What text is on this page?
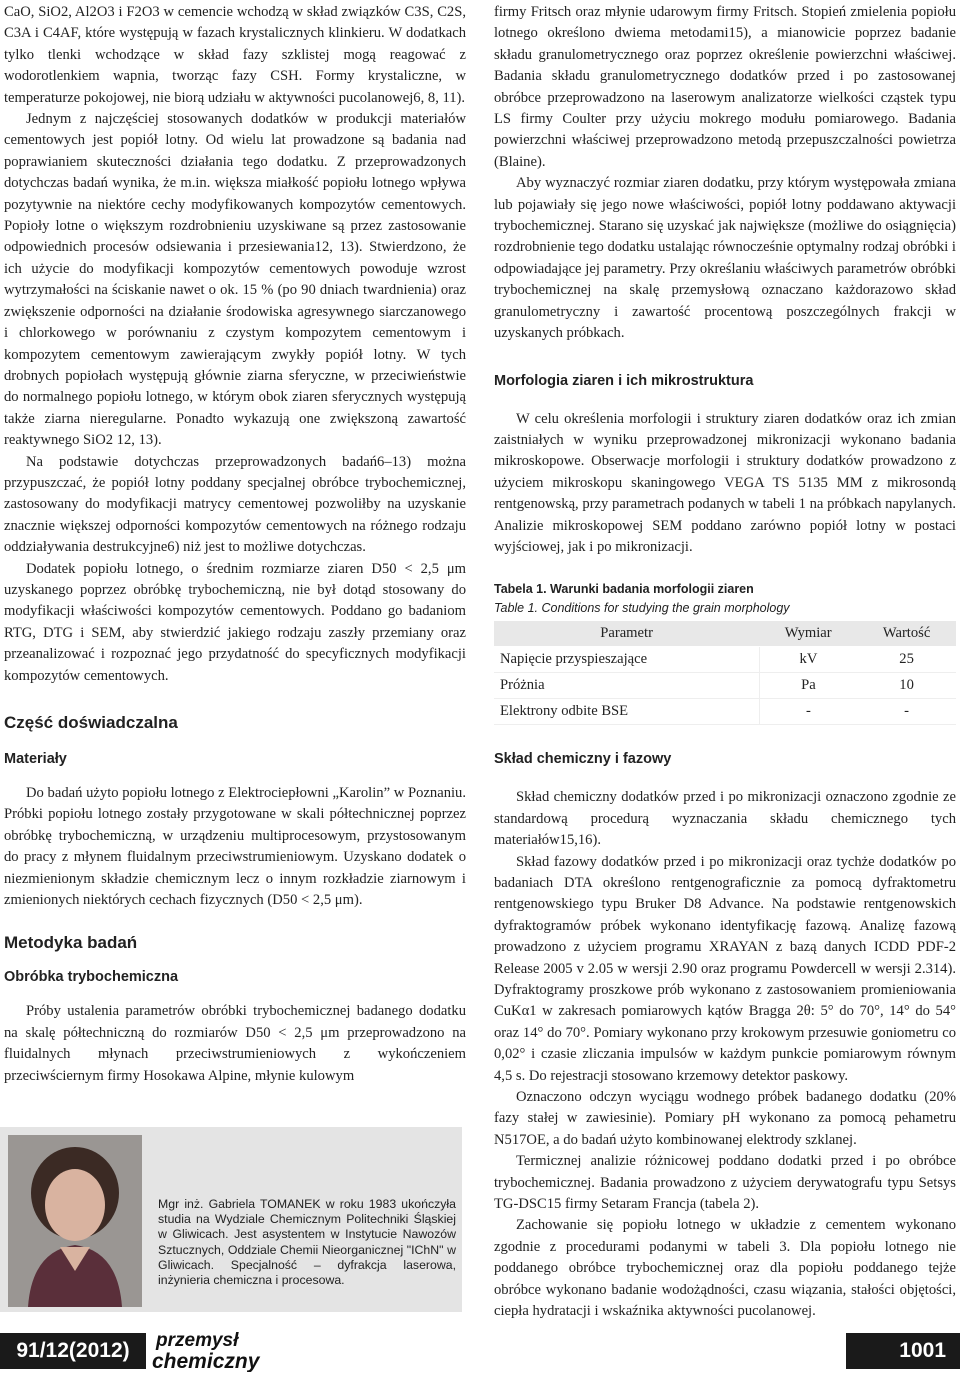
CaO, SiO2, Al2O3 i F2O3 w cemencie wchodzą w skład związków C3S, C2S, C3A i C4AF, które występują w fazach krystalicznych klinkieru. W dodatkach tylko tlenki wchodzące w skład fazy szklistej mogą reagować z wodorotlenkiem wapnia, tworząc fazy CSH. Formy krystaliczne, w temperaturze pokojowej, nie biorą udziału w aktywności pucolanowej6, 8, 11).

Jednym z najczęściej stosowanych dodatków w produkcji materiałów cementowych jest popiół lotny. Od wielu lat prowadzone są badania nad poprawianiem skuteczności działania tego dodatku. Z przeprowadzonych dotychczas badań wynika, że m.in. większa miałkość popiołu lotnego wpływa pozytywnie na niektóre cechy modyfikowanych kompozytów cementowych. Popioły lotne o większym rozdrobnieniu uzyskiwane są przez zastosowanie odpowiednich procesów odsiewania i przesiewania12, 13). Stwierdzono, że ich użycie do modyfikacji kompozytów cementowych powoduje wzrost wytrzymałości na ściskanie nawet o ok. 15 % (po 90 dniach twardnienia) oraz zwiększenie odporności na działanie środowiska agresywnego siarczanowego i chlorkowego w porównaniu z czystym kompozytem cementowym i kompozytem cementowym zawierającym zwykły popiół lotny. W tych drobnych popiołach występują głównie ziarna sferyczne, w przeciwieństwie do normalnego popiołu lotnego, w którym obok ziaren sferycznych występują także ziarna nieregularne. Ponadto wykazują one zwiększoną zawartość reaktywnego SiO2 12, 13).

Na podstawie dotychczas przeprowadzonych badań6–13) można przypuszczać, że popiół lotny poddany specjalnej obróbce trybochemicznej, zastosowany do modyfikacji matrycy cementowej pozwoliłby na uzyskanie znacznie większej odporności kompozytów cementowych na różnego rodzaju oddziaływania destrukcyjne6) niż jest to możliwe dotychczas.

Dodatek popiołu lotnego, o średnim rozmiarze ziaren D50 < 2,5 μm uzyskanego poprzez obróbkę trybochemiczną, nie był dotąd stosowany do modyfikacji właściwości kompozytów cementowych. Poddano go badaniom RTG, DTG i SEM, aby stwierdzić jakiego rodzaju zaszły przemiany oraz przeanalizować i rozpoznać jego przydatność do specyficznych modyfikacji kompozytów cementowych.

Część doświadczalna
Materiały

Do badań użyto popiołu lotnego z Elektrociepłowni „Karolin” w Poznaniu. Próbki popiołu lotnego zostały przygotowane w skali półtechnicznej poprzez obróbkę trybochemiczną, w urządzeniu multiprocesowym, przystosowanym do pracy z młynem fluidalnym przeciwstrumieniowym. Uzyskano dodatek o niezmienionym składzie chemicznym lecz o innym rozkładzie ziarnowym i zmienionych niektórych cechach fizycznych (D50 < 2,5 μm).

Metodyka badań
Obróbka trybochemiczna

Próby ustalenia parametrów obróbki trybochemicznej badanego dodatku na skalę półtechniczną do rozmiarów D50 < 2,5 μm przeprowadzono na fluidalnych młynach przeciwstrumieniowych z wykończeniem przeciwściernym firmy Hosokawa Alpine, młynie kulowym

Mgr inż. Gabriela TOMANEK w roku 1983 ukończyła studia na Wydziale Chemicznym Politechniki Śląskiej w Gliwicach. Jest asystentem w Instytucie Nawozów Sztucznych, Oddziale Chemii Nieorganicznej "IChN" w Gliwicach. Specjalność – dyfrakcja laserowa, inżynieria chemiczna i procesowa.

firmy Fritsch oraz młynie udarowym firmy Fritsch. Stopień zmielenia popiołu lotnego określono dwiema metodami15), a mianowicie poprzez badanie składu granulometrycznego oraz poprzez określenie powierzchni właściwej. Badania składu granulometrycznego dodatków przed i po zastosowanej obróbce przeprowadzono na laserowym analizatorze wielkości cząstek typu LS firmy Coulter przy użyciu mokrego modułu pomiarowego. Badania powierzchni właściwej przeprowadzono metodą przepuszczalności powietrza (Blaine).

Aby wyznaczyć rozmiar ziaren dodatku, przy którym występowała zmiana lub pojawiały się jego nowe właściwości, popiół lotny poddawano aktywacji trybochemicznej. Starano się uzyskać jak największe (możliwe do osiągnięcia) rozdrobnienie tego dodatku ustalając równocześnie optymalny rodzaj obróbki i odpowiadające jej parametry. Przy określaniu właściwych parametrów obróbki trybochemicznej na skalę przemysłową oznaczano każdorazowo skład granulometryczny i zawartość procentową poszczególnych frakcji w uzyskanych próbkach.

Morfologia ziaren i ich mikrostruktura

W celu określenia morfologii i struktury ziaren dodatków oraz ich zmian zaistniałych w wyniku przeprowadzonej mikronizacji wykonano badania mikroskopowe. Obserwacje morfologii i struktury dodatków prowadzono z użyciem mikroskopu skaningowego VEGA TS 5135 MM z mikrosondą rentgenowską, przy parametrach podanych w tabeli 1 na próbkach napylanych. Analizie mikroskopowej SEM poddano zarówno popiół lotny w postaci wyjściowej, jak i po mikronizacji.

Tabela 1. Warunki badania morfologii ziaren
Table 1. Conditions for studying the grain morphology
Parametr	Wymiar	Wartość
Napięcie przyspieszające	kV	25
Próżnia	Pa	10
Elektrony odbite BSE	-	-
Skład chemiczny i fazowy

Skład chemiczny dodatków przed i po mikronizacji oznaczono zgodnie ze standardową procedurą wyznaczania składu chemicznego tych materiałów15,16).

Skład fazowy dodatków przed i po mikronizacji oraz tychże dodatków po badaniach DTA określono rentgenograficznie za pomocą dyfraktometru rentgenowskiego typu Bruker D8 Advance. Na podstawie rentgenowskich dyfraktogramów próbek wykonano identyfikację fazową. Analizę fazową prowadzono z użyciem programu XRAYAN z bazą danych ICDD PDF-2 Release 2005 v 2.05 w wersji 2.90 oraz programu Powdercell w wersji 2.314). Dyfraktogramy proszkowe prób wykonano z zastosowaniem promieniowania CuKα1 w zakresach pomiarowych kątów Bragga 2θ: 5° do 70°, 14° do 54° oraz 14° do 70°. Pomiary wykonano przy krokowym przesuwie goniometru co 0,02° i czasie zliczania impulsów w każdym punkcie pomiarowym równym 4,5 s. Do rejestracji stosowano krzemowy detektor paskowy.

Oznaczono odczyn wyciągu wodnego próbek badanego dodatku (20% fazy stałej w zawiesinie). Pomiary pH wykonano za pomocą pehametru N517OE, a do badań użyto kombinowanej elektrody szklanej.

Termicznej analizie różnicowej poddano dodatki przed i po obróbce trybochemicznej. Badania prowadzono z użyciem derywatografu typu Setsys TG-DSC15 firmy Setaram Francja (tabela 2).

Zachowanie się popiołu lotnego w układzie z cementem wykonano zgodnie z procedurami podanymi w tabeli 3. Dla popiołu lotnego nie poddanego obróbce trybochemicznej oraz dla popiołu poddanego tejże obróbce wykonano badanie wodożądności, czasu wiązania, stałości objętości, ciepła hydratacji i wskaźnika aktywności pucolanowej.

91/12(2012)	przemysł
chemiczny	1001
